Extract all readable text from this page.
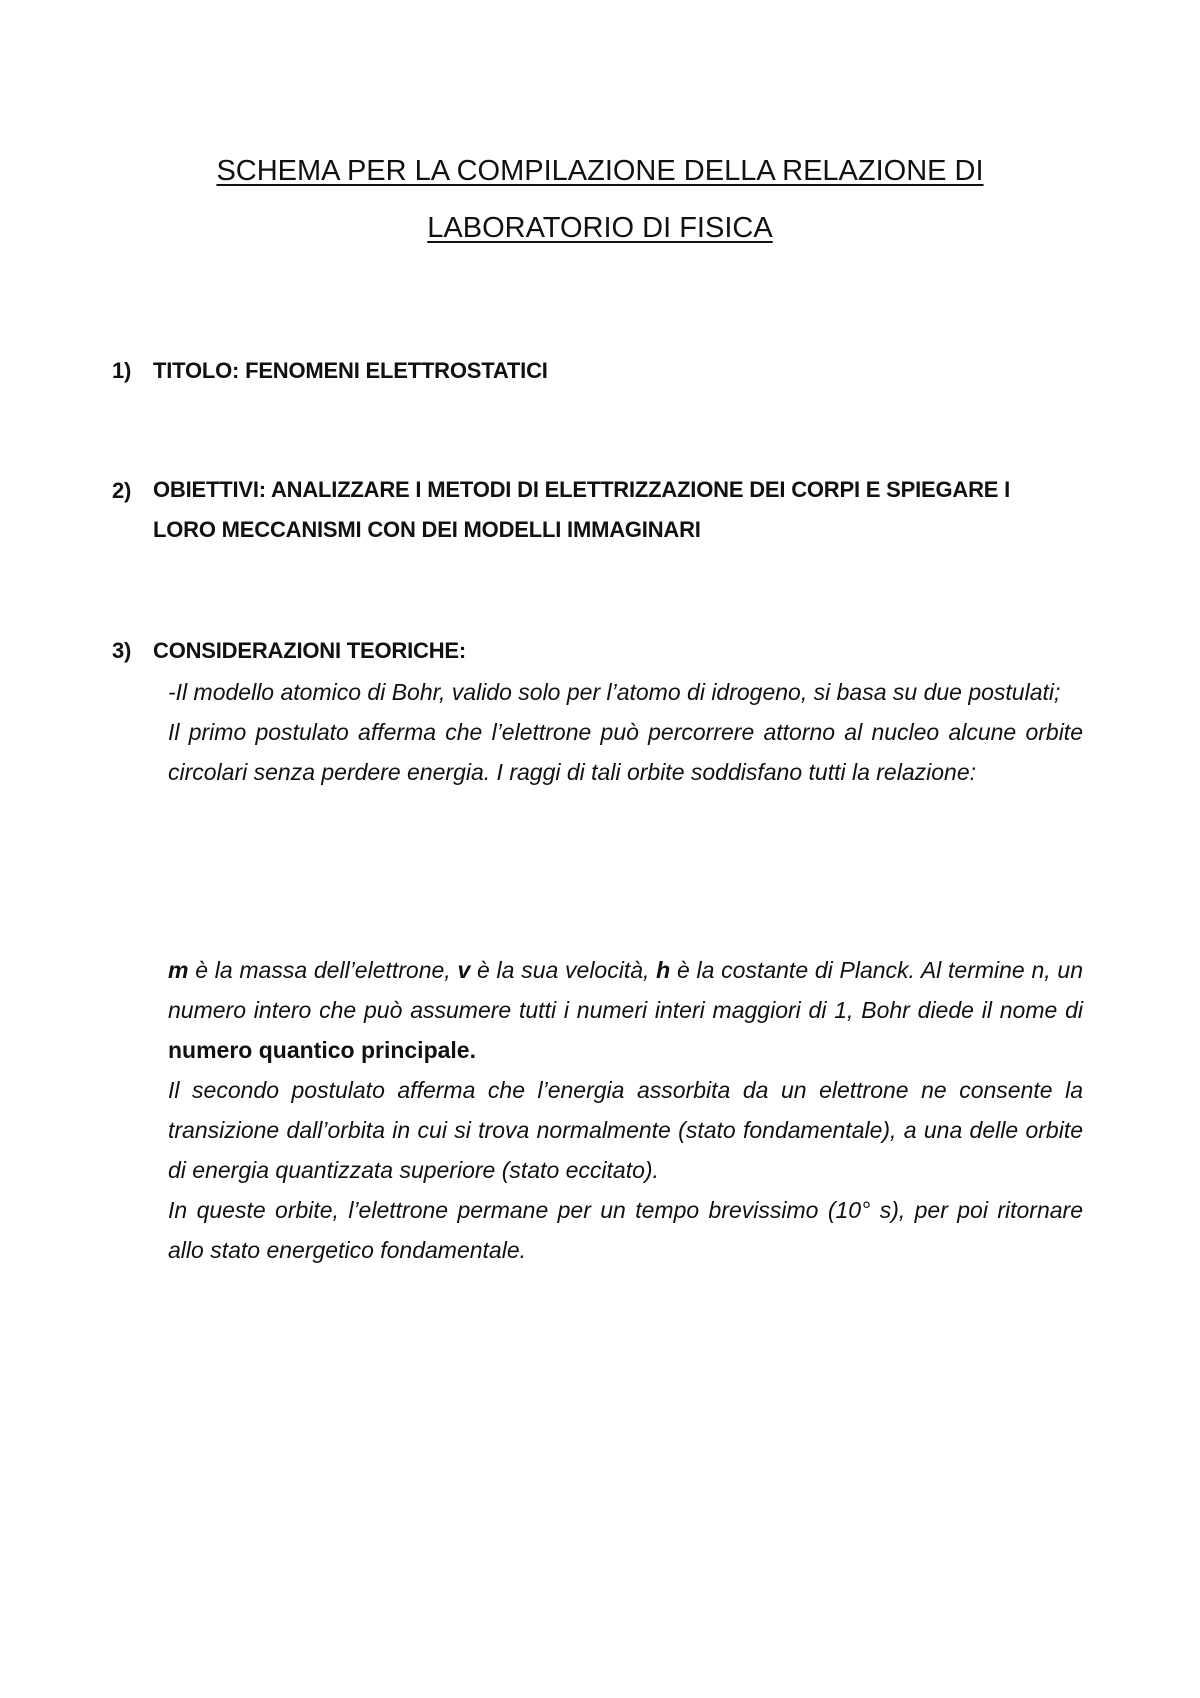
SCHEMA PER LA COMPILAZIONE DELLA RELAZIONE DI
LABORATORIO DI FISICA
1) TITOLO: FENOMENI ELETTROSTATICI
2) OBIETTIVI: ANALIZZARE I METODI DI ELETTRIZZAZIONE DEI CORPI E SPIEGARE I
LORO MECCANISMI CON DEI MODELLI IMMAGINARI
3) CONSIDERAZIONI TEORICHE:

-Il modello atomico di Bohr, valido solo per l’atomo di idrogeno, si basa su due postulati;

Il primo postulato afferma che l’elettrone può percorrere attorno al nucleo alcune orbite circolari senza perdere energia. I raggi di tali orbite soddisfano tutti la relazione:

m è la massa dell’elettrone, v è la sua velocità, h è la costante di Planck. Al termine n, un numero intero che può assumere tutti i numeri interi maggiori di 1, Bohr diede il nome di numero quantico principale.

Il secondo postulato afferma che l’energia assorbita da un elettrone ne consente la transizione dall’orbita in cui si trova normalmente (stato fondamentale), a una delle orbite di energia quantizzata superiore (stato eccitato).

In queste orbite, l’elettrone permane per un tempo brevissimo (10° s), per poi ritornare allo stato energetico fondamentale.
